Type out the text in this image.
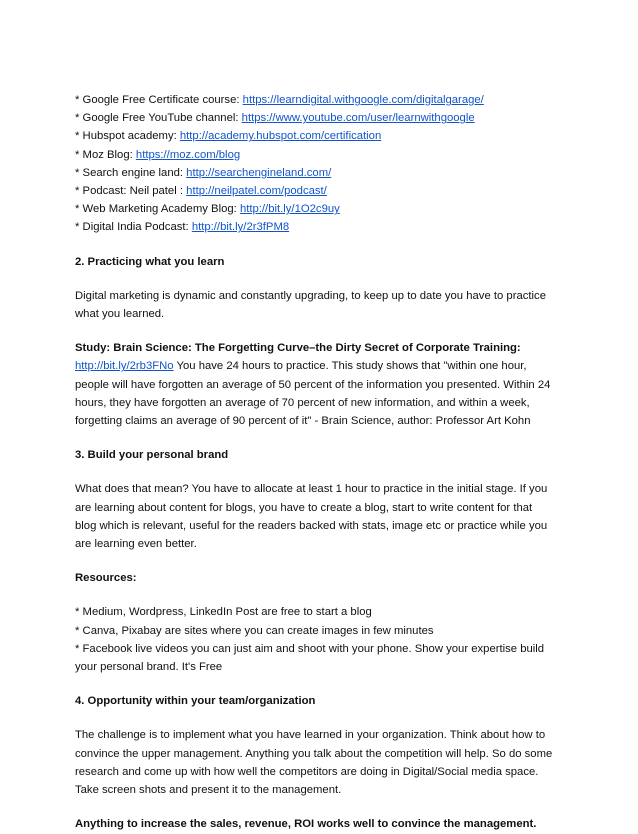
* Google Free Certificate course: https://learndigital.withgoogle.com/digitalgarage/

* Google Free YouTube channel: https://www.youtube.com/user/learnwithgoogle

* Hubspot academy: http://academy.hubspot.com/certification

* Moz Blog: https://moz.com/blog

* Search engine land: http://searchengineland.com/

* Podcast: Neil patel : http://neilpatel.com/podcast/

* Web Marketing Academy Blog: http://bit.ly/1O2c9uy

* Digital India Podcast: http://bit.ly/2r3fPM8

2. Practicing what you learn

Digital marketing is dynamic and constantly upgrading, to keep up to date you have to practice

what you learned.

Study: Brain Science: The Forgetting Curve–the Dirty Secret of Corporate Training:

http://bit.ly/2rb3FNo You have 24 hours to practice. This study shows that "within one hour,

people will have forgotten an average of 50 percent of the information you presented. Within 24

hours, they have forgotten an average of 70 percent of new information, and within a week,

forgetting claims an average of 90 percent of it" - Brain Science, author: Professor Art Kohn

3. Build your personal brand

What does that mean? You have to allocate at least 1 hour to practice in the initial stage. If you

are learning about content for blogs, you have to create a blog, start to write content for that

blog which is relevant, useful for the readers backed with stats, image etc or practice while you

are learning even better.

Resources:

* Medium, Wordpress, LinkedIn Post are free to start a blog

* Canva, Pixabay are sites where you can create images in few minutes

* Facebook live videos you can just aim and shoot with your phone. Show your expertise build

your personal brand. It's Free

4. Opportunity within your team/organization

The challenge is to implement what you have learned in your organization. Think about how to

convince the upper management. Anything you talk about the competition will help. So do some

research and come up with how well the competitors are doing in Digital/Social media space.

Take screen shots and present it to the management.

Anything to increase the sales, revenue, ROI works well to convince the management.
